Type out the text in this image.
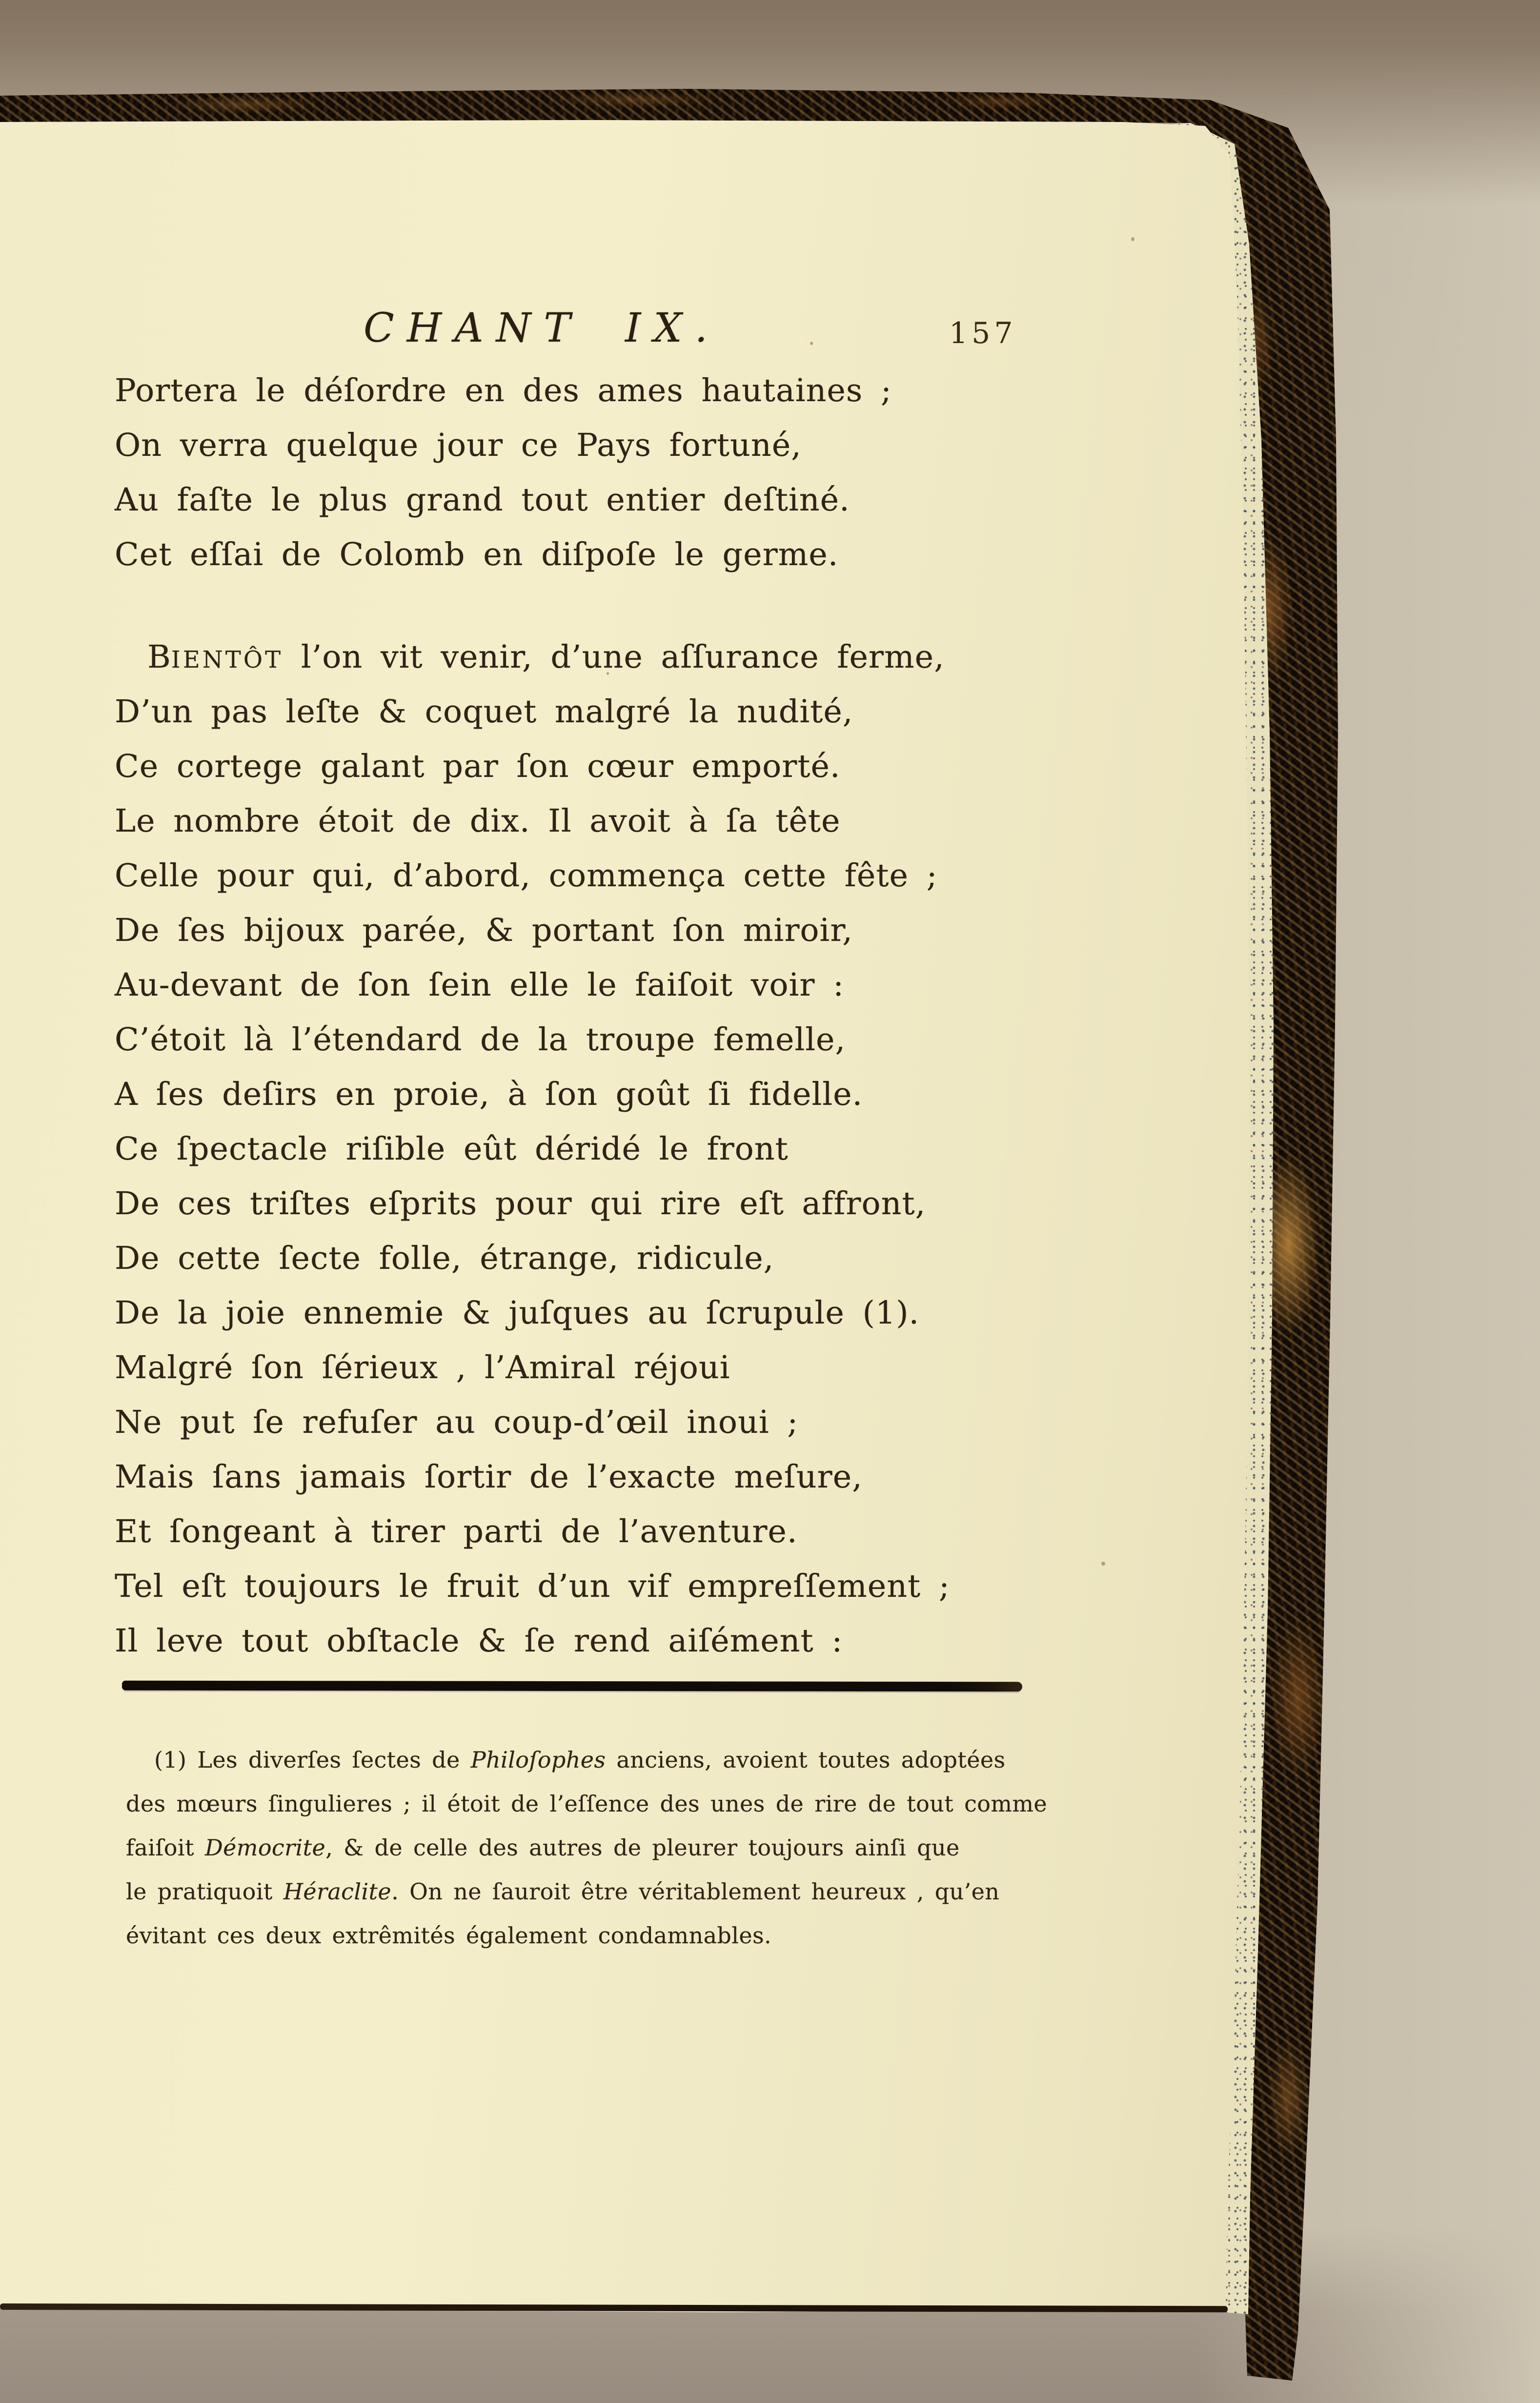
CHANT IX.	157
Portera le déſordre en des ames hautaines ;
On verra quelque jour ce Pays fortuné,
Au faſte le plus grand tout entier deſtiné.
Cet eſſai de Colomb en diſpoſe le germe.
BIENTÔT l’on vit venir, d’une aſſurance ferme,
D’un pas leſte & coquet malgré la nudité,
Ce cortege galant par ſon cœur emporté.
Le nombre étoit de dix. Il avoit à ſa tête
Celle pour qui, d’abord, commença cette fête ;
De ſes bijoux parée, & portant ſon miroir,
Au-devant de ſon ſein elle le faiſoit voir :
C’étoit là l’étendard de la troupe femelle,
A ſes deſirs en proie, à ſon goût ſi fidelle.
Ce ſpectacle riſible eût déridé le front
De ces triſtes eſprits pour qui rire eſt affront,
De cette ſecte folle, étrange, ridicule,
De la joie ennemie & juſques au ſcrupule (1).
Malgré ſon ſérieux , l’Amiral réjoui
Ne put ſe refuſer au coup-d’œil inoui ;
Mais ſans jamais ſortir de l’exacte meſure,
Et ſongeant à tirer parti de l’aventure.
Tel eſt toujours le fruit d’un vif empreſſement ;
Il leve tout obſtacle & ſe rend aiſément :
(1) Les diverſes ſectes de Philoſophes anciens, avoient toutes adoptées
des mœurs ſingulieres ; il étoit de l’eſſence des unes de rire de tout comme
faiſoit Démocrite, & de celle des autres de pleurer toujours ainſi que
le pratiquoit Héraclite. On ne ſauroit être véritablement heureux , qu’en
évitant ces deux extrêmités également condamnables.
